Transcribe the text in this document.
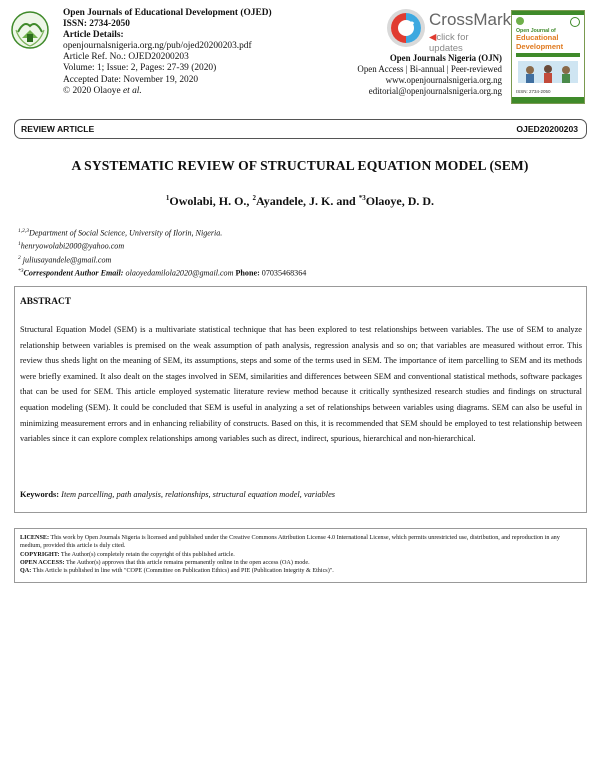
Open Journals of Educational Development (OJED)
ISSN: 2734-2050
Article Details:
openjournalsnigeria.org.ng/pub/ojed20200203.pdf
Article Ref. No.: OJED20200203
Volume: 1; Issue: 2, Pages: 27-39 (2020)
Accepted Date: November 19, 2020
© 2020 Olaoye et al.
CrossMark
◀click for updates
Open Journals Nigeria (OJN)
Open Access | Bi-annual | Peer-reviewed
www.openjournalsnigeria.org.ng
editorial@openjournalsnigeria.org.ng
Open Journal of
Educational
Development
ISSN: 2734-2050
REVIEW ARTICLE	OJED20200203
A SYSTEMATIC REVIEW OF STRUCTURAL EQUATION MODEL (SEM)
$^1$Owolabi, H. O., $^2$Ayandele, J. K. and $^{*3}$Olaoye, D. D.
$^{1,2,3}$Department of Social Science, University of Ilorin, Nigeria.
$^1$henryowolabi2000@yahoo.com
$^2$ juliusayandele@gmail.com
$^{*3}$Correspondent Author Email: olaoyedamilola2020@gmail.com Phone: 07035468364
ABSTRACT
Structural Equation Model (SEM) is a multivariate statistical technique that has been explored to test relationships between variables. The use of SEM to analyze relationship between variables is premised on the weak assumption of path analysis, regression analysis and so on; that variables are measured without error. This review thus sheds light on the meaning of SEM, its assumptions, steps and some of the terms used in SEM. The importance of item parcelling to SEM and its methods were briefly examined. It also dealt on the stages involved in SEM, similarities and differences between SEM and conventional statistical methods, software packages that can be used for SEM. This article employed systematic literature review method because it critically synthesized research studies and findings on structural equation modeling (SEM). It could be concluded that SEM is useful in analyzing a set of relationships between variables using diagrams. SEM can also be useful in minimizing measurement errors and in enhancing reliability of constructs. Based on this, it is recommended that SEM should be employed to test relationship between variables since it can explore complex relationships among variables such as direct, indirect, spurious, hierarchical and non-hierarchical.
Keywords: Item parcelling, path analysis, relationships, structural equation model, variables

LICENSE: This work by Open Journals Nigeria is licensed and published under the Creative Commons Attribution License 4.0 International License, which permits unrestricted use, distribution, and reproduction in any medium, provided this article is duly cited.

COPYRIGHT: The Author(s) completely retain the copyright of this published article.

OPEN ACCESS: The Author(s) approves that this article remains permanently online in the open access (OA) mode.

QA: This Article is published in line with "COPE (Committee on Publication Ethics) and PIE (Publication Integrity & Ethics)".
